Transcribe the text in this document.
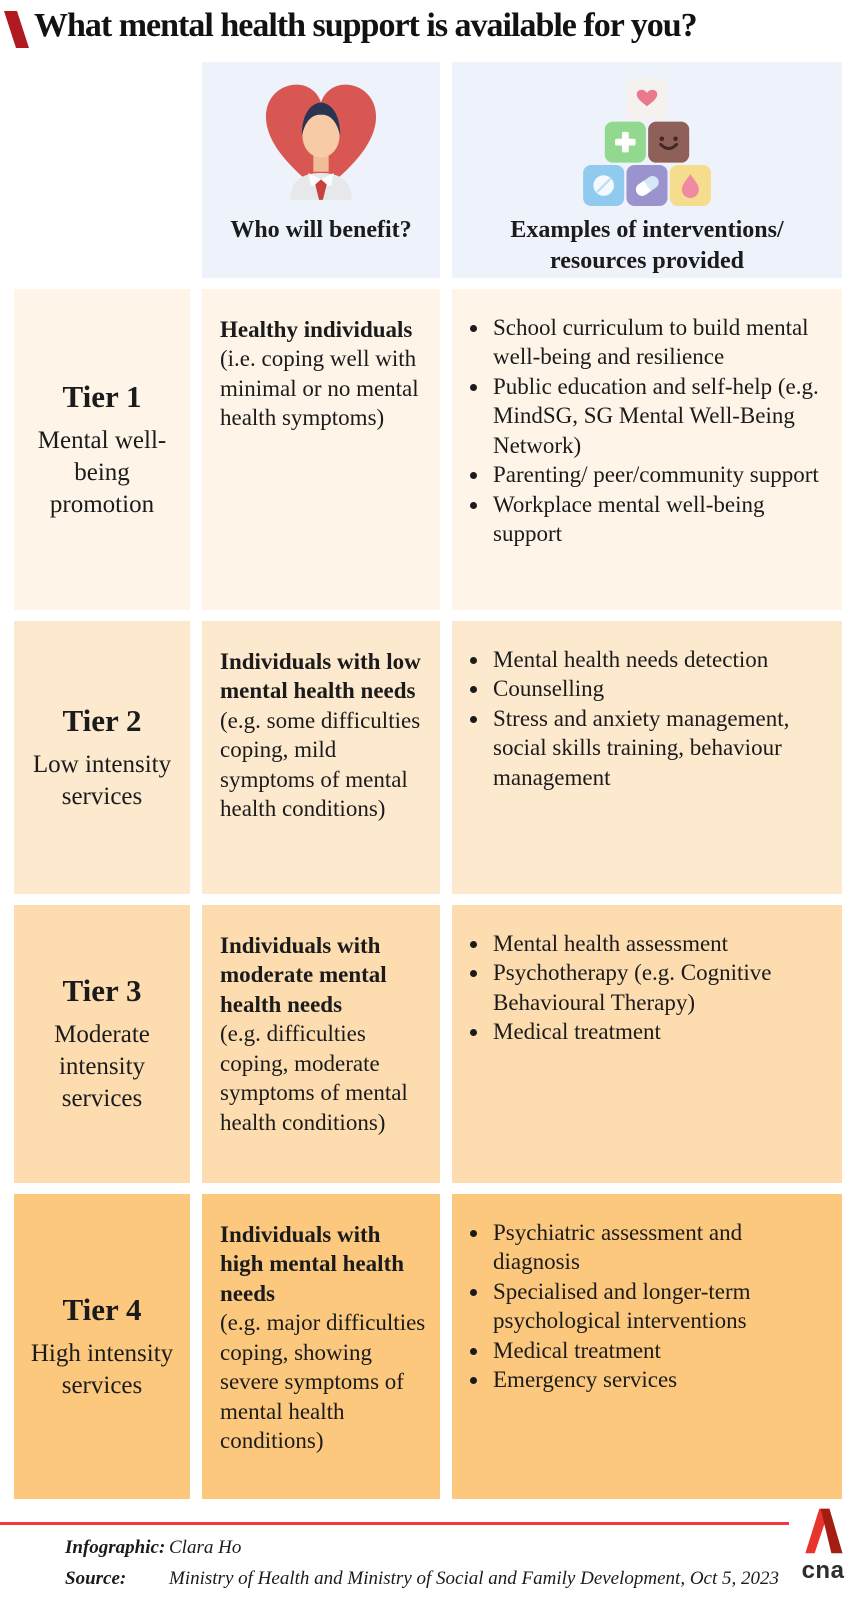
What mental health support is available for you?
Who will benefit?	Examples of interventions/ resources provided
Tier 1
Mental well-being promotion
Healthy individuals
(i.e. coping well with minimal or no mental health symptoms)
• School curriculum to build mental well-being and resilience
• Public education and self-help (e.g. MindSG, SG Mental Well-Being Network)
• Parenting/ peer/community support
• Workplace mental well-being support
Tier 2
Low intensity services
Individuals with low mental health needs
(e.g. some difficulties coping, mild symptoms of mental health conditions)
• Mental health needs detection
• Counselling
• Stress and anxiety management, social skills training, behaviour management
Tier 3
Moderate intensity services
Individuals with moderate mental health needs
(e.g. difficulties coping, moderate symptoms of mental health conditions)
• Mental health assessment
• Psychotherapy (e.g. Cognitive Behavioural Therapy)
• Medical treatment
Tier 4
High intensity services
Individuals with high mental health needs
(e.g. major difficulties coping, showing severe symptoms of mental health conditions)
• Psychiatric assessment and diagnosis
• Specialised and longer-term psychological interventions
• Medical treatment
• Emergency services
Infographic: Clara Ho
Source:	Ministry of Health and Ministry of Social and Family Development, Oct 5, 2023 cna
